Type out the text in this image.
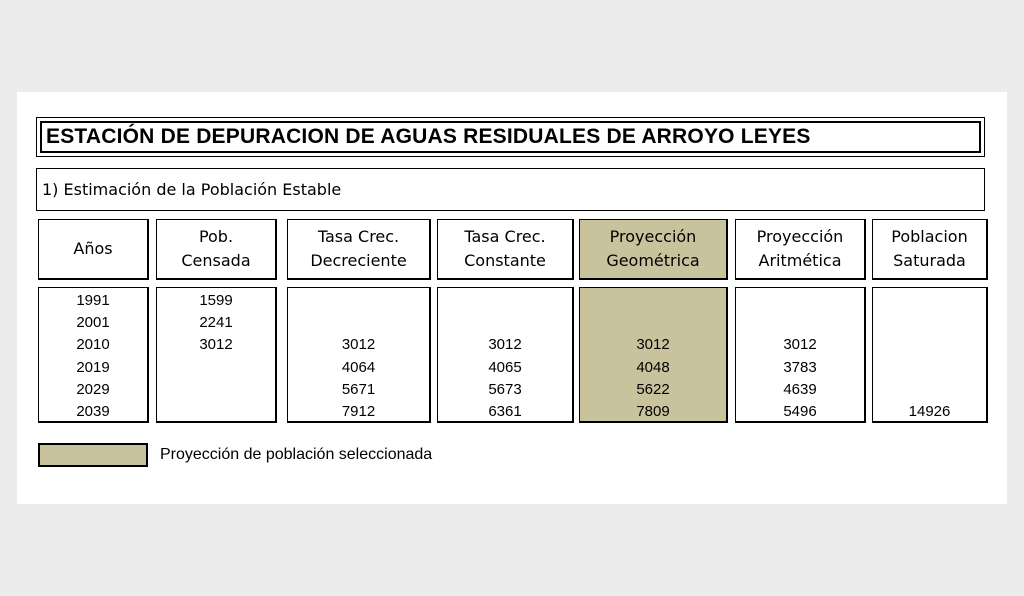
ESTACIÓN DE DEPURACION DE AGUAS RESIDUALES DE ARROYO LEYES
1) Estimación de la Población Estable
Años
Pob.
Censada
Tasa Crec.
Decreciente
Tasa Crec.
Constante
Proyección
Geométrica
Proyección
Aritmética
Poblacion
Saturada
1991
2001
2010
2019
2029
2039
1599
2241
3012	3012
4064
5671
7912
3012
4065
5673
6361
3012
4048
5622
7809
3012
3783
4639
5496	14926
Proyección de población seleccionada
